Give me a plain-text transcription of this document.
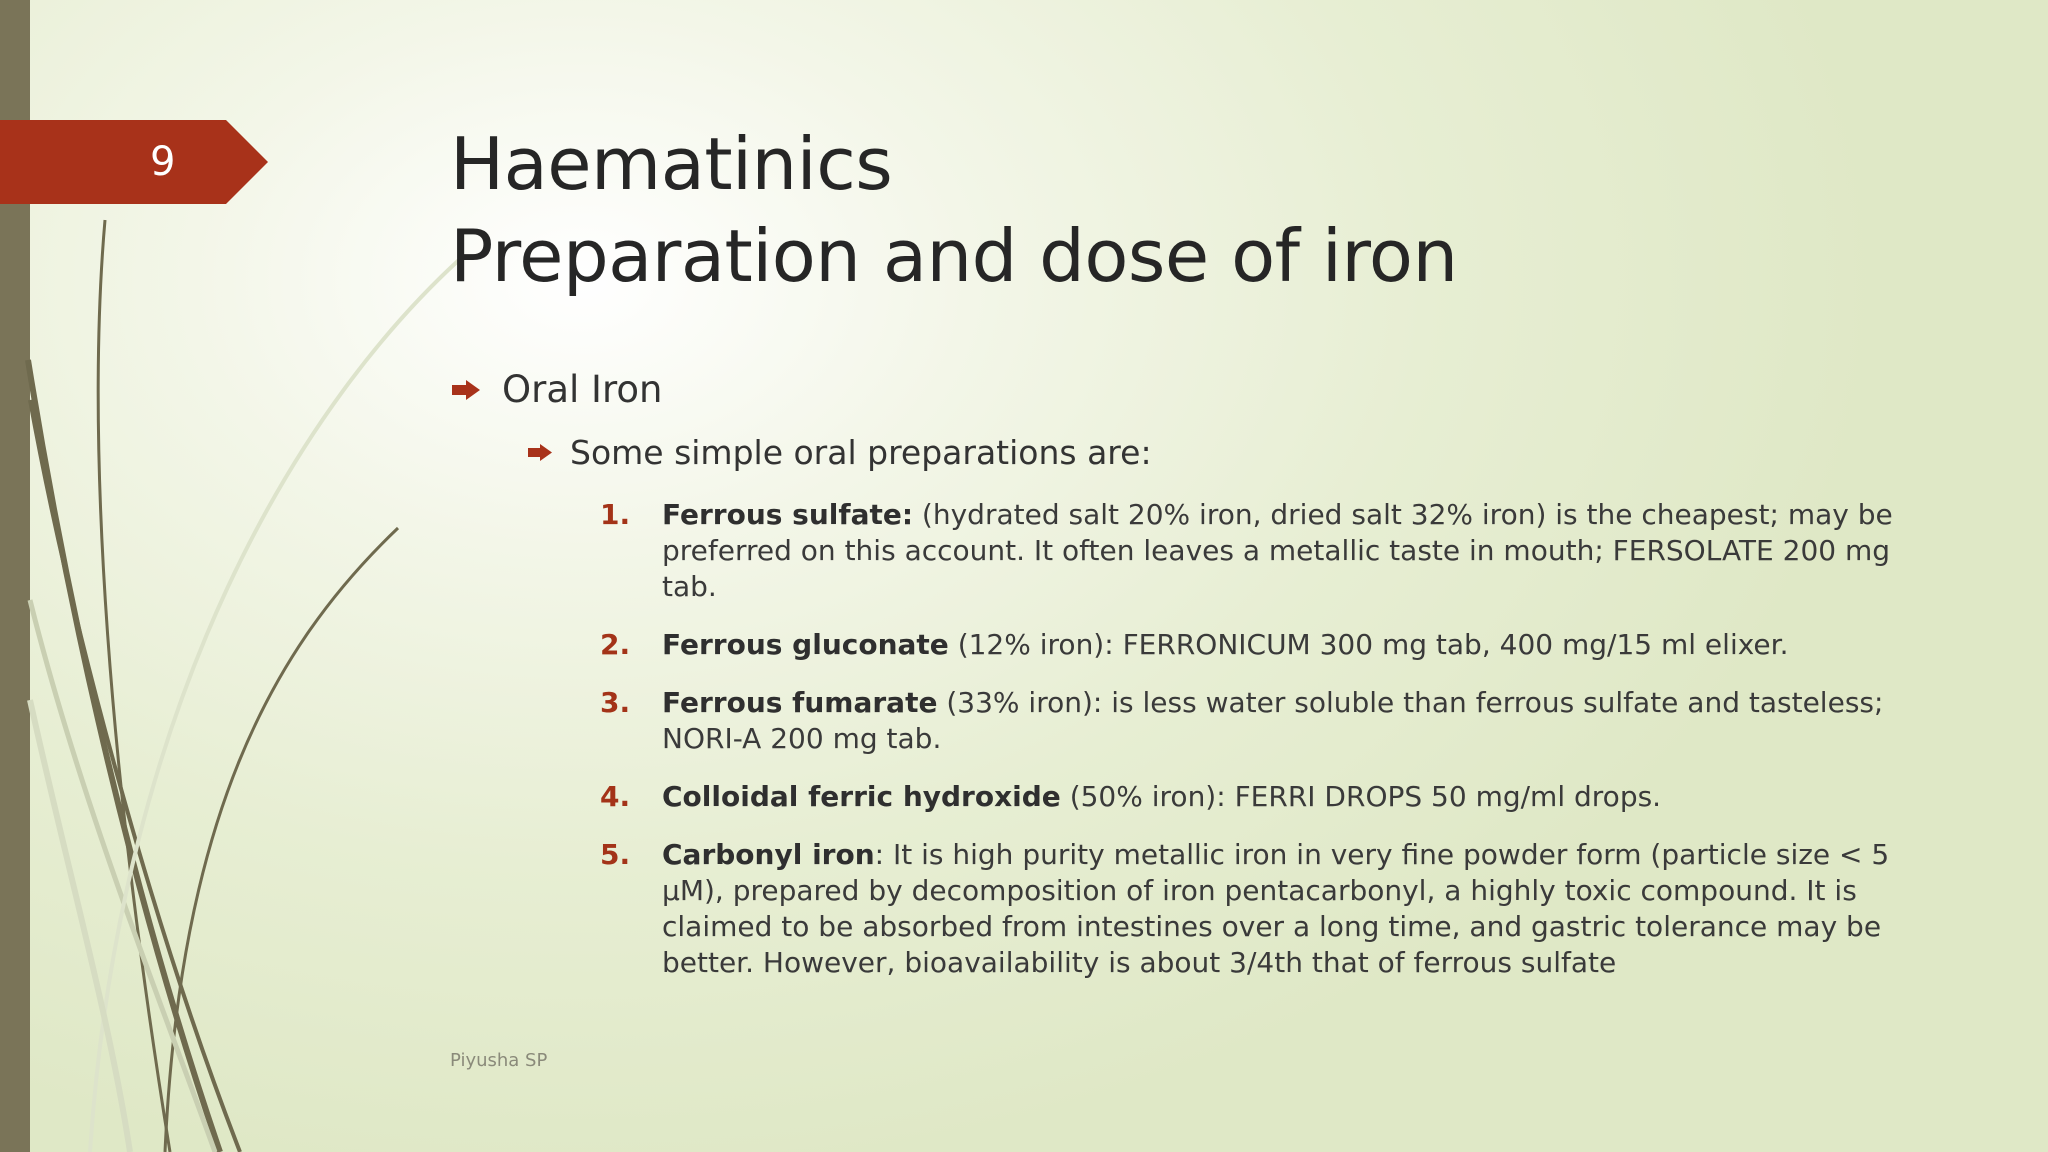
9	Haematinics
Preparation and dose of iron
Oral Iron
Some simple oral preparations are:
1.	Ferrous sulfate: (hydrated salt 20% iron, dried salt 32% iron) is the cheapest; may be preferred on this account. It often leaves a metallic taste in mouth; FERSOLATE 200 mg tab.
2.	Ferrous gluconate (12% iron): FERRONICUM 300 mg tab, 400 mg/15 ml elixer.
3.	Ferrous fumarate (33% iron): is less water soluble than ferrous sulfate and tasteless; NORI-A 200 mg tab.
4.	Colloidal ferric hydroxide (50% iron): FERRI DROPS 50 mg/ml drops.
5.	Carbonyl iron: It is high purity metallic iron in very fine powder form (particle size < 5 µM), prepared by decomposition of iron pentacarbonyl, a highly toxic compound. It is claimed to be absorbed from intestines over a long time, and gastric tolerance may be better. However, bioavailability is about 3/4th that of ferrous sulfate
Piyusha SP
